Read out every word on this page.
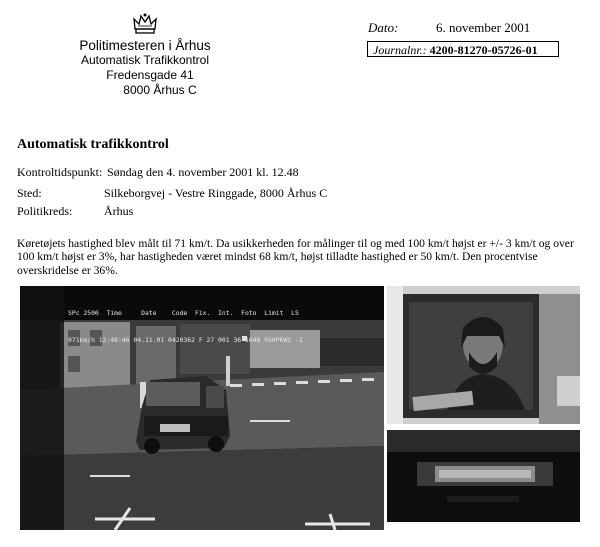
Politimesteren i Århus
Automatisk Trafikkontrol
Fredensgade 41
8000 Århus C
Dato:	6. november 2001
Journalnr.: 4200-81270-05726-01
Automatisk trafikkontrol
Kontroltidspunkt: Søndag den 4. november 2001 kl. 12.48
Sted:	Silkeborgvej - Vestre Ringgade, 8000 Århus C
Politikreds:	Århus
Køretøjets hastighed blev målt til 71 km/t. Da usikkerheden for målinger til og med 100 km/t højst er +/- 3 km/t og over 100 km/t højst er 3%, har hastigheden været mindst 68 km/t, højst tilladte hastighed er 50 km/t. Den procentvise overskridelse er 36%.

SPc 2500  Time     Date    Code  Fix.  Int.  Foto  Limit  LS

071km/h 12:48:46 04.11.01 0420362 F 27 001 36 1648 050PKW2 -1
